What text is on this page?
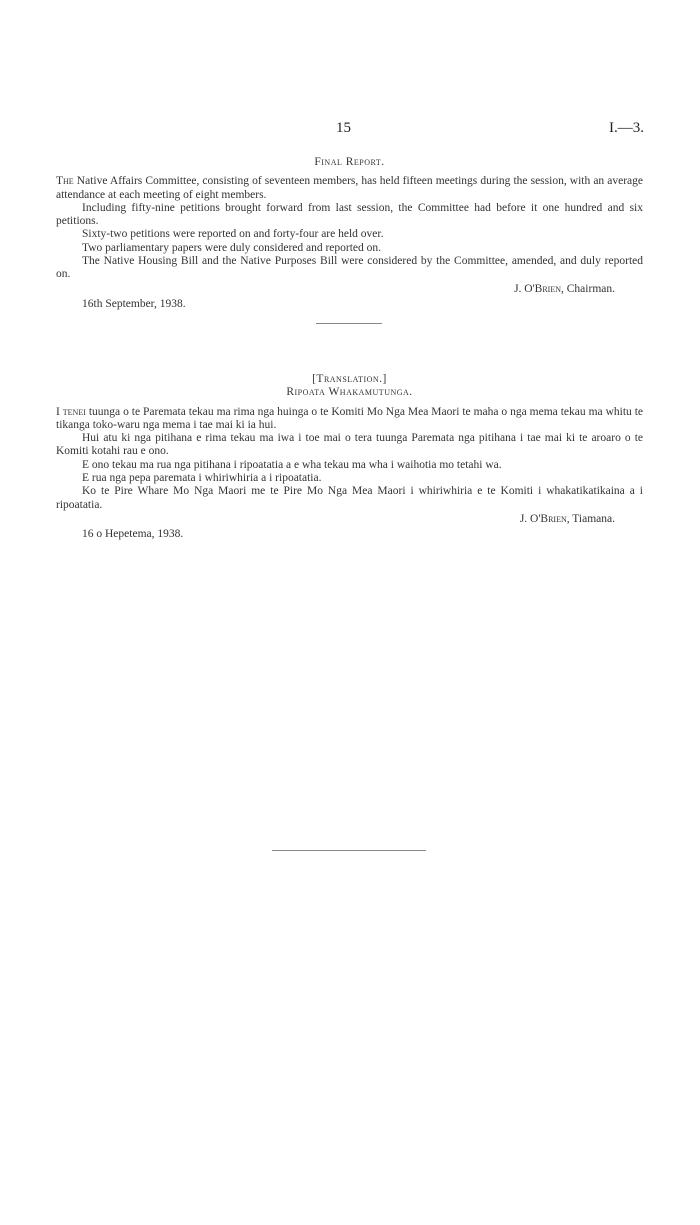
15	I.—3.
Final Report.

The Native Affairs Committee, consisting of seventeen members, has held fifteen meetings during the session, with an average attendance at each meeting of eight members.

Including fifty-nine petitions brought forward from last session, the Committee had before it one hundred and six petitions.

Sixty-two petitions were reported on and forty-four are held over.

Two parliamentary papers were duly considered and reported on.

The Native Housing Bill and the Native Purposes Bill were considered by the Committee, amended, and duly reported on.

J. O'Brien, Chairman.
16th September, 1938.
[Translation.]
Ripoata Whakamutunga.

I tenei tuunga o te Paremata tekau ma rima nga huinga o te Komiti Mo Nga Mea Maori te maha o nga mema tekau ma whitu te tikanga toko-waru nga mema i tae mai ki ia hui.

Hui atu ki nga pitihana e rima tekau ma iwa i toe mai o tera tuunga Paremata nga pitihana i tae mai ki te aroaro o te Komiti kotahi rau e ono.

E ono tekau ma rua nga pitihana i ripoatatia a e wha tekau ma wha i waihotia mo tetahi wa.

E rua nga pepa paremata i whiriwhiria a i ripoatatia.

Ko te Pire Whare Mo Nga Maori me te Pire Mo Nga Mea Maori i whiriwhiria e te Komiti i whakatikatikaina a i ripoatatia.

J. O'Brien, Tiamana.
16 o Hepetema, 1938.
